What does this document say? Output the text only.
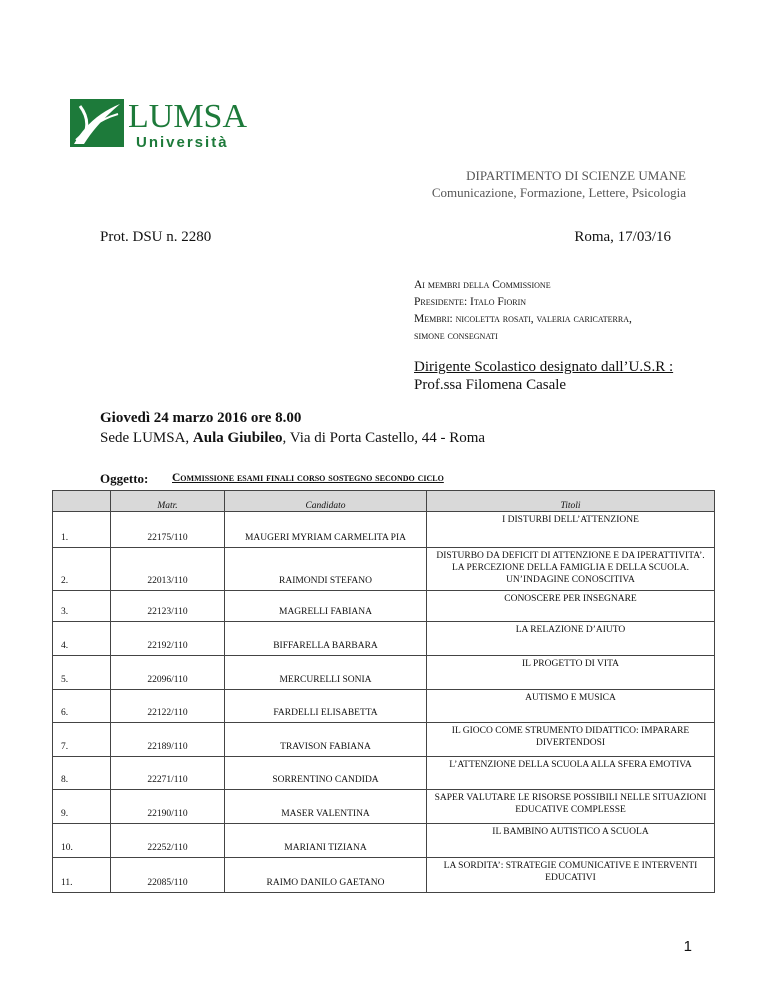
LUMSA
Università
DIPARTIMENTO DI SCIENZE UMANE
Comunicazione, Formazione, Lettere, Psicologia
Prot. DSU n. 2280	Roma, 17/03/16
Ai membri della Commissione
Presidente: Italo Fiorin
Membri: nicoletta rosati, valeria caricaterra,
simone consegnati
Dirigente Scolastico designato dall’U.S.R :
Prof.ssa Filomena Casale
Giovedì 24 marzo 2016 ore 8.00
Sede LUMSA, Aula Giubileo, Via di Porta Castello, 44 - Roma
Oggetto: Commissione esami finali corso sostegno secondo ciclo
	Matr.	Candidato	Titoli
1.	22175/110	MAUGERI MYRIAM CARMELITA PIA	I DISTURBI DELL’ATTENZIONE
2.	22013/110	RAIMONDI STEFANO	DISTURBO DA DEFICIT DI ATTENZIONE E DA IPERATTIVITA’. LA PERCEZIONE DELLA FAMIGLIA E DELLA SCUOLA. UN’INDAGINE CONOSCITIVA
3.	22123/110	MAGRELLI FABIANA	CONOSCERE PER INSEGNARE
4.	22192/110	BIFFARELLA BARBARA	LA RELAZIONE D’AIUTO
5.	22096/110	MERCURELLI SONIA	IL PROGETTO DI VITA
6.	22122/110	FARDELLI ELISABETTA	AUTISMO E MUSICA
7.	22189/110	TRAVISON FABIANA	IL GIOCO COME STRUMENTO DIDATTICO: IMPARARE DIVERTENDOSI
8.	22271/110	SORRENTINO CANDIDA	L’ATTENZIONE DELLA SCUOLA ALLA SFERA EMOTIVA
9.	22190/110	MASER VALENTINA	SAPER VALUTARE LE RISORSE POSSIBILI NELLE SITUAZIONI EDUCATIVE COMPLESSE
10.	22252/110	MARIANI TIZIANA	IL BAMBINO AUTISTICO A SCUOLA
11.	22085/110	RAIMO DANILO GAETANO	LA SORDITA’: STRATEGIE COMUNICATIVE E INTERVENTI EDUCATIVI
1
